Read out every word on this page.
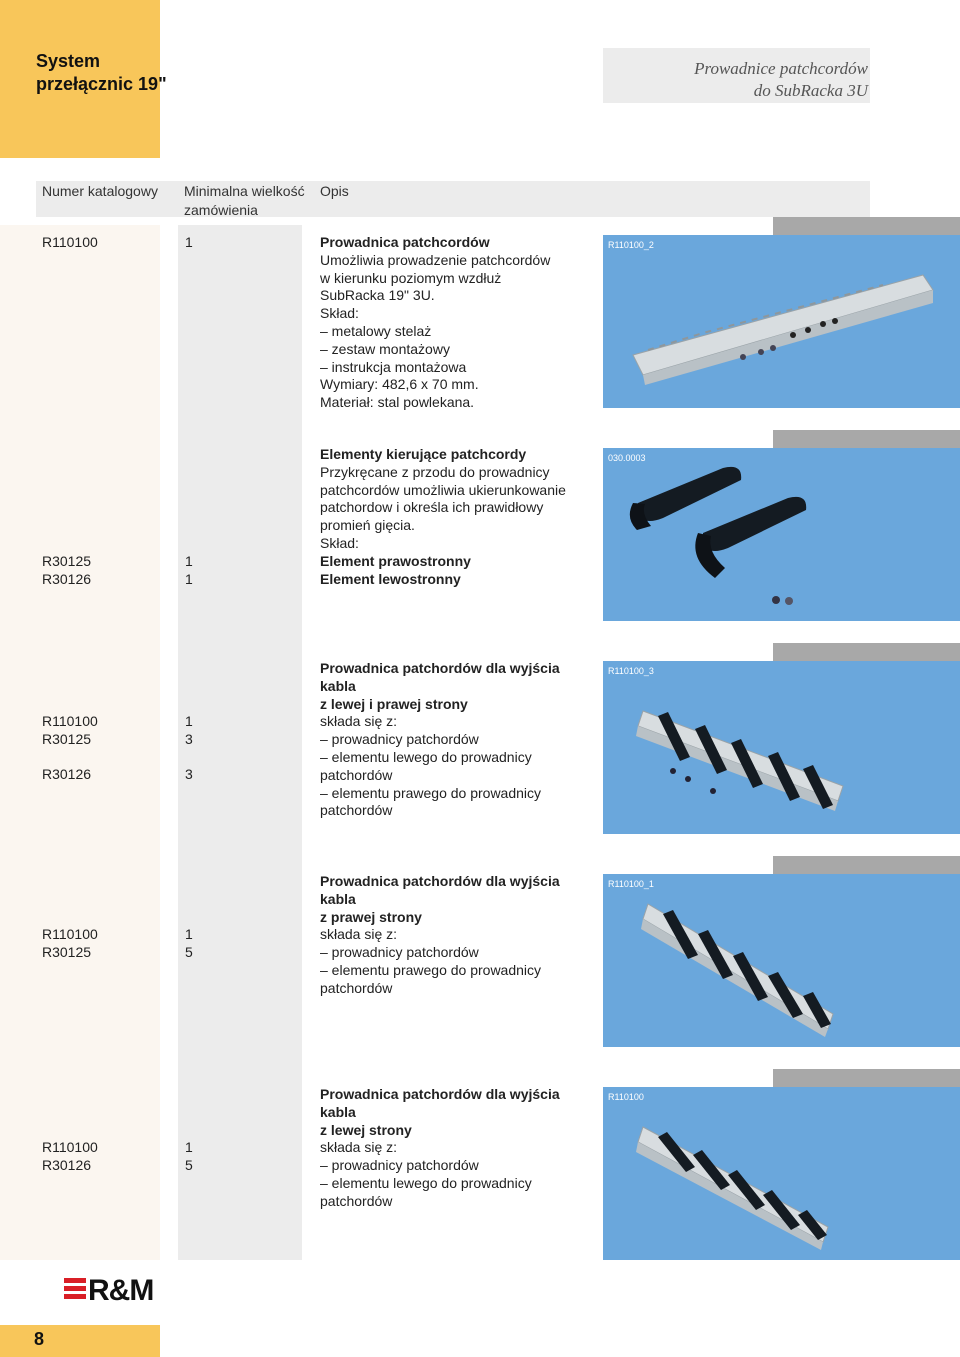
System
przełącznic 19"
Prowadnice patchcordów
do SubRacka 3U
Numer katalogowy Minimalna wielkość
zamówienia
Opis
R110100	1	Prowadnica patchcordów
Umożliwia prowadzenie patchcordów
w kierunku poziomym wzdłuż
SubRacka 19" 3U.
Skład:
– metalowy stelaż
– zestaw montażowy
– instrukcja montażowa
Wymiary: 482,6 x 70 mm.
Materiał: stal powlekana.
R110100_2
R30125
R30126
1
1
Elementy kierujące patchcordy
Przykręcane z przodu do prowadnicy
patchcordów umożliwia ukierunkowanie
patchordow i określa ich prawidłowy
promień gięcia.
Skład:
Element prawostronny
Element lewostronny
030.0003
R110100
R30125
R30126
1
3
3
Prowadnica patchordów dla wyjścia kabla
z lewej i prawej strony
składa się z:
– prowadnicy patchordów
– elementu lewego do prowadnicy
patchordów
– elementu prawego do prowadnicy
patchordów
R110100_3
R110100
R30125
1
5
Prowadnica patchordów dla wyjścia kabla
z prawej strony
składa się z:
– prowadnicy patchordów
– elementu prawego do prowadnicy
patchordów
R110100_1
R110100
R30126
1
5
Prowadnica patchordów dla wyjścia kabla
z lewej strony
składa się z:
– prowadnicy patchordów
– elementu lewego do prowadnicy
patchordów
R110100
R&M
8
